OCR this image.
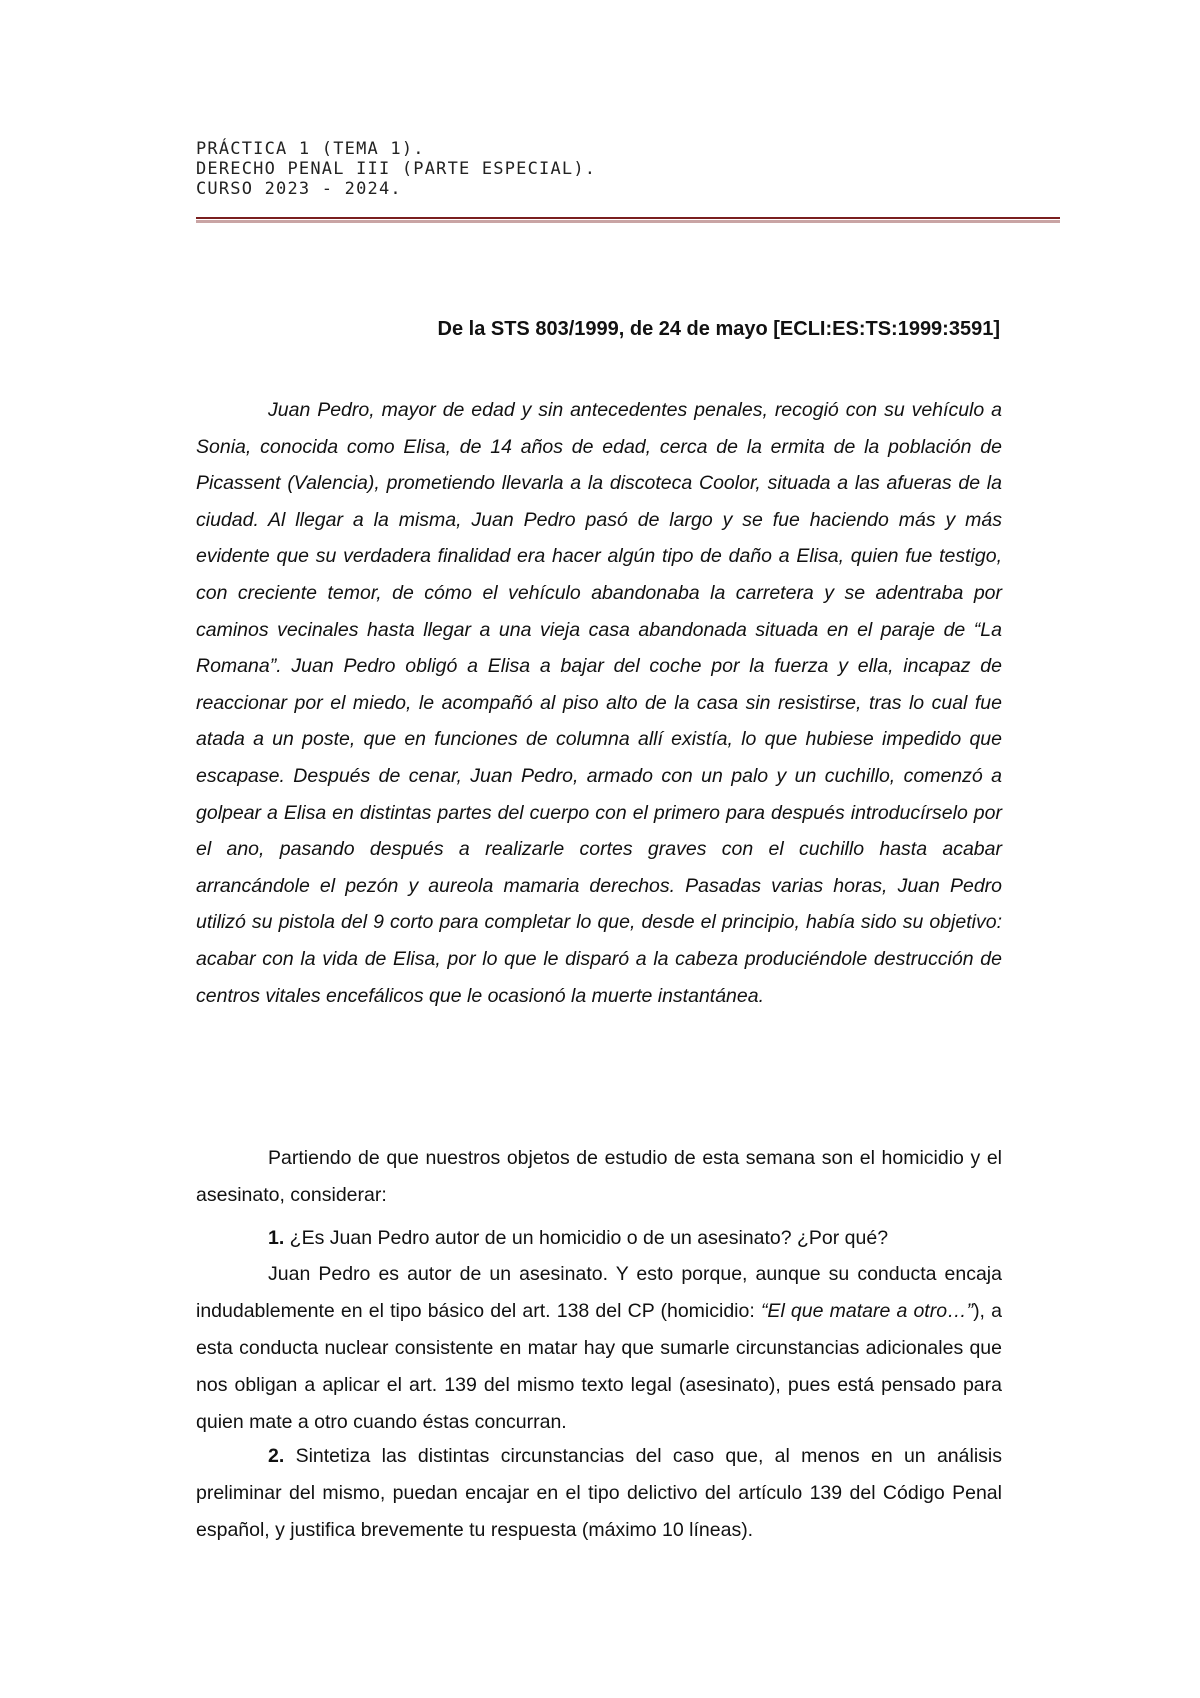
PRÁCTICA 1 (TEMA 1).
DERECHO PENAL III (PARTE ESPECIAL).
CURSO 2023 - 2024.
De la STS 803/1999, de 24 de mayo [ECLI:ES:TS:1999:3591]

Juan Pedro, mayor de edad y sin antecedentes penales, recogió con su vehículo a Sonia, conocida como Elisa, de 14 años de edad, cerca de la ermita de la población de Picassent (Valencia), prometiendo llevarla a la discoteca Coolor, situada a las afueras de la ciudad. Al llegar a la misma, Juan Pedro pasó de largo y se fue haciendo más y más evidente que su verdadera finalidad era hacer algún tipo de daño a Elisa, quien fue testigo, con creciente temor, de cómo el vehículo abandonaba la carretera y se adentraba por caminos vecinales hasta llegar a una vieja casa abandonada situada en el paraje de “La Romana”. Juan Pedro obligó a Elisa a bajar del coche por la fuerza y ella, incapaz de reaccionar por el miedo, le acompañó al piso alto de la casa sin resistirse, tras lo cual fue atada a un poste, que en funciones de columna allí existía, lo que hubiese impedido que escapase. Después de cenar, Juan Pedro, armado con un palo y un cuchillo, comenzó a golpear a Elisa en distintas partes del cuerpo con el primero para después introducírselo por el ano, pasando después a realizarle cortes graves con el cuchillo hasta acabar arrancándole el pezón y aureola mamaria derechos. Pasadas varias horas, Juan Pedro utilizó su pistola del 9 corto para completar lo que, desde el principio, había sido su objetivo: acabar con la vida de Elisa, por lo que le disparó a la cabeza produciéndole destrucción de centros vitales encefálicos que le ocasionó la muerte instantánea.

Partiendo de que nuestros objetos de estudio de esta semana son el homicidio y el asesinato, considerar:

1. ¿Es Juan Pedro autor de un homicidio o de un asesinato? ¿Por qué?

Juan Pedro es autor de un asesinato. Y esto porque, aunque su conducta encaja indudablemente en el tipo básico del art. 138 del CP (homicidio: “El que matare a otro…”), a esta conducta nuclear consistente en matar hay que sumarle circunstancias adicionales que nos obligan a aplicar el art. 139 del mismo texto legal (asesinato), pues está pensado para quien mate a otro cuando éstas concurran.

2. Sintetiza las distintas circunstancias del caso que, al menos en un análisis preliminar del mismo, puedan encajar en el tipo delictivo del artículo 139 del Código Penal español, y justifica brevemente tu respuesta (máximo 10 líneas).
